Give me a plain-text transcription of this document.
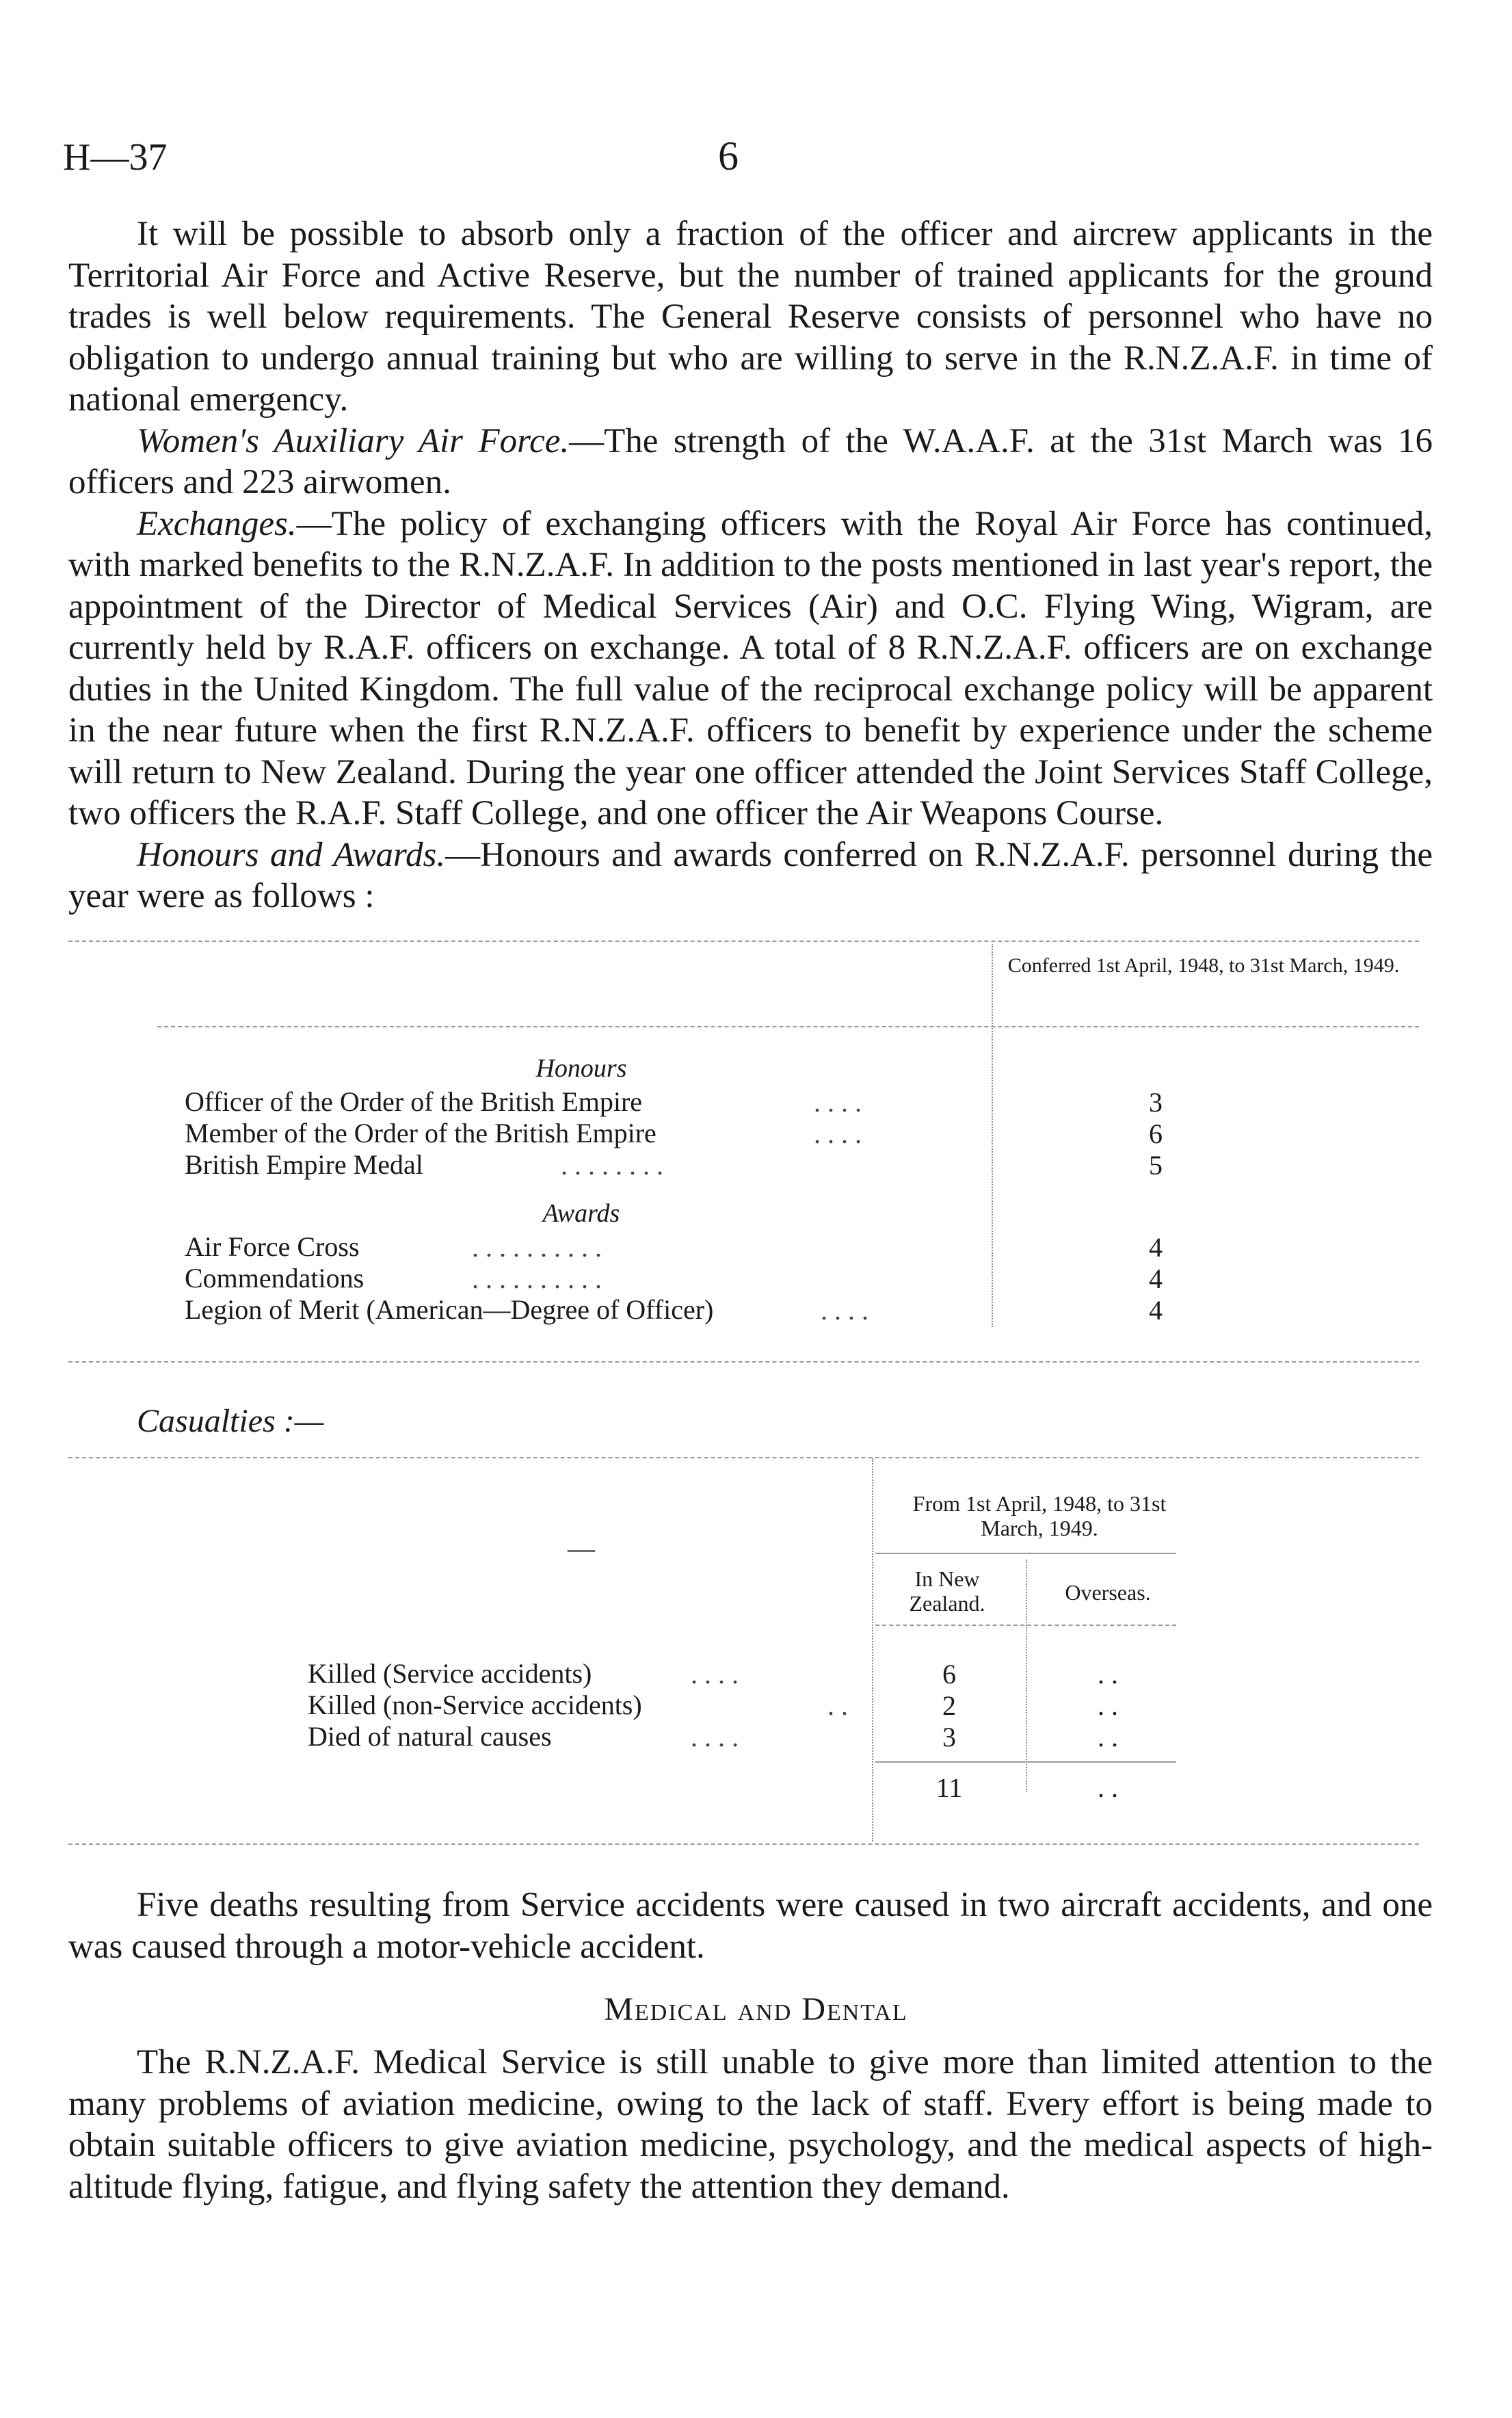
H—37	6

It will be possible to absorb only a fraction of the officer and aircrew applicants in the Territorial Air Force and Active Reserve, but the number of trained applicants for the ground trades is well below requirements. The General Reserve consists of personnel who have no obligation to undergo annual training but who are willing to serve in the R.N.Z.A.F. in time of national emergency.

Women's Auxiliary Air Force.—The strength of the W.A.A.F. at the 31st March was 16 officers and 223 airwomen.

Exchanges.—The policy of exchanging officers with the Royal Air Force has continued, with marked benefits to the R.N.Z.A.F. In addition to the posts mentioned in last year's report, the appointment of the Director of Medical Services (Air) and O.C. Flying Wing, Wigram, are currently held by R.A.F. officers on exchange. A total of 8 R.N.Z.A.F. officers are on exchange duties in the United Kingdom. The full value of the reciprocal exchange policy will be apparent in the near future when the first R.N.Z.A.F. officers to benefit by experience under the scheme will return to New Zealand. During the year one officer attended the Joint Services Staff College, two officers the R.A.F. Staff College, and one officer the Air Weapons Course.

Honours and Awards.—Honours and awards conferred on R.N.Z.A.F. personnel during the year were as follows :

Conferred 1st April, 1948, to 31st March, 1949.
Honours
Officer of the Order of the British Empire	. . . .	3
Member of the Order of the British Empire	. . . .	6
British Empire Medal	. . . . . . . .	5
Awards
Air Force Cross	. . . . . . . . . .	4
Commendations	. . . . . . . . . .	4
Legion of Merit (American—Degree of Officer)	. . . .	4
Casualties :—
From 1st April, 1948, to 31st March, 1949.
—
In New Zealand.	Overseas.
Killed (Service accidents)	. . . .	6	. .
Killed (non-Service accidents)	. .	2	. .
Died of natural causes	. . . .	3	. .
11	. .

Five deaths resulting from Service accidents were caused in two aircraft accidents, and one was caused through a motor-vehicle accident.

Medical and Dental

The R.N.Z.A.F. Medical Service is still unable to give more than limited attention to the many problems of aviation medicine, owing to the lack of staff. Every effort is being made to obtain suitable officers to give aviation medicine, psychology, and the medical aspects of high-altitude flying, fatigue, and flying safety the attention they demand.
